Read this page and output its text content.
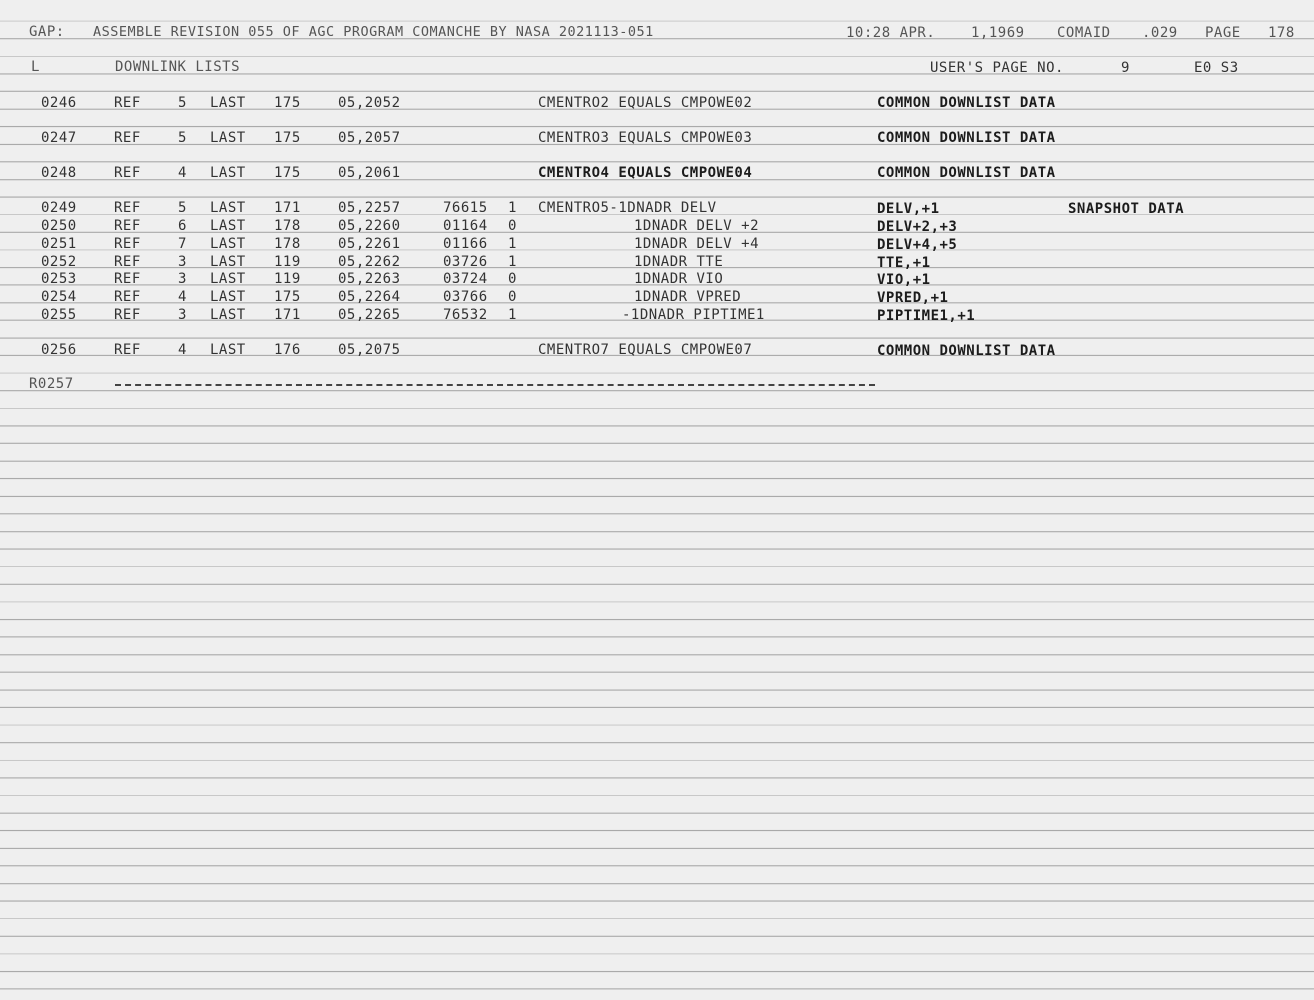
GAP: ASSEMBLE REVISION 055 OF AGC PROGRAM COMANCHE BY NASA 2021113-051	10:28 APR.	1,1969 COMAID .029 PAGE 178
L	DOWNLINK LISTS	USER'S PAGE NO.	9	E0 S3
0246	REF	5 LAST 175	05,2052	CMENTRO2 EQUALS CMPOWE02	COMMON DOWNLIST DATA
0247	REF	5 LAST 175	05,2057	CMENTRO3 EQUALS CMPOWE03	COMMON DOWNLIST DATA
0248	REF	4 LAST 175	05,2061	CMENTRO4 EQUALS CMPOWE04	COMMON DOWNLIST DATA
0249	REF	5 LAST 171	05,2257	76615 1 CMENTRO5-1DNADR DELV	DELV,+1	SNAPSHOT DATA
0250	REF	6 LAST 178	05,2260	01164 0	1DNADR DELV +2	DELV+2,+3
0251	REF	7 LAST 178	05,2261	01166 1	1DNADR DELV +4	DELV+4,+5
0252	REF	3 LAST 119	05,2262	03726 1	1DNADR TTE	TTE,+1
0253	REF	3 LAST 119	05,2263	03724 0	1DNADR VIO	VIO,+1
0254	REF	4 LAST 175	05,2264	03766 0	1DNADR VPRED	VPRED,+1
0255	REF	3 LAST 171	05,2265	76532 1	-1DNADR PIPTIME1	PIPTIME1,+1
0256	REF	4 LAST 176	05,2075	CMENTRO7 EQUALS CMPOWE07	COMMON DOWNLIST DATA
R0257
